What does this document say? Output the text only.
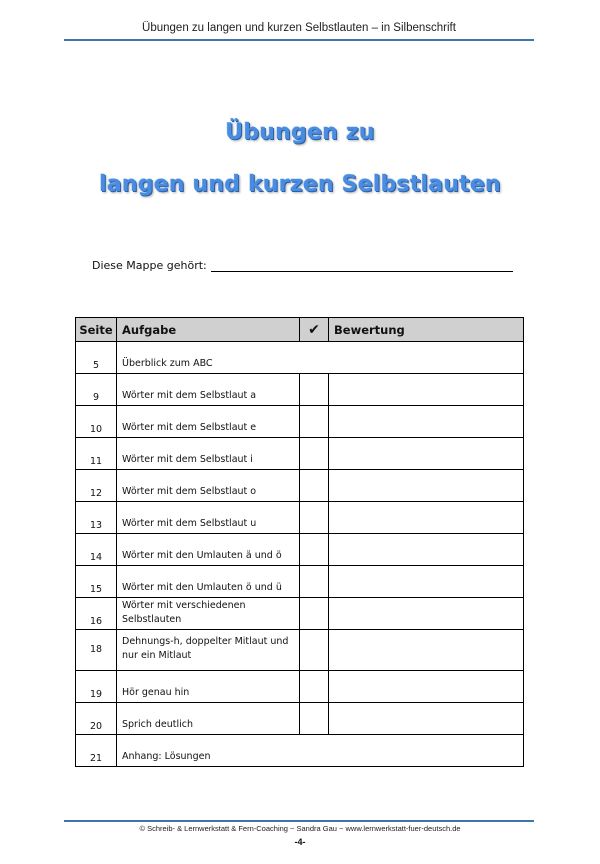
Übungen zu langen und kurzen Selbstlauten – in Silbenschrift
Übungen zu
langen und kurzen Selbstlauten
Diese Mappe gehört:
Seite	Aufgabe	✔	Bewertung
5	Überblick zum ABC		
9	Wörter mit dem Selbstlaut a		
10	Wörter mit dem Selbstlaut e		
11	Wörter mit dem Selbstlaut i		
12	Wörter mit dem Selbstlaut o		
13	Wörter mit dem Selbstlaut u		
14	Wörter mit den Umlauten ä und ö		
15	Wörter mit den Umlauten ö und ü		
16	Wörter mit verschiedenen Selbstlauten		
18	Dehnungs-h, doppelter Mitlaut und nur ein Mitlaut		
19	Hör genau hin		
20	Sprich deutlich		
21	Anhang: Lösungen		
© Schreib- & Lernwerkstatt & Fern-Coaching ~ Sandra Gau ~ www.lernwerkstatt-fuer-deutsch.de
-4-
